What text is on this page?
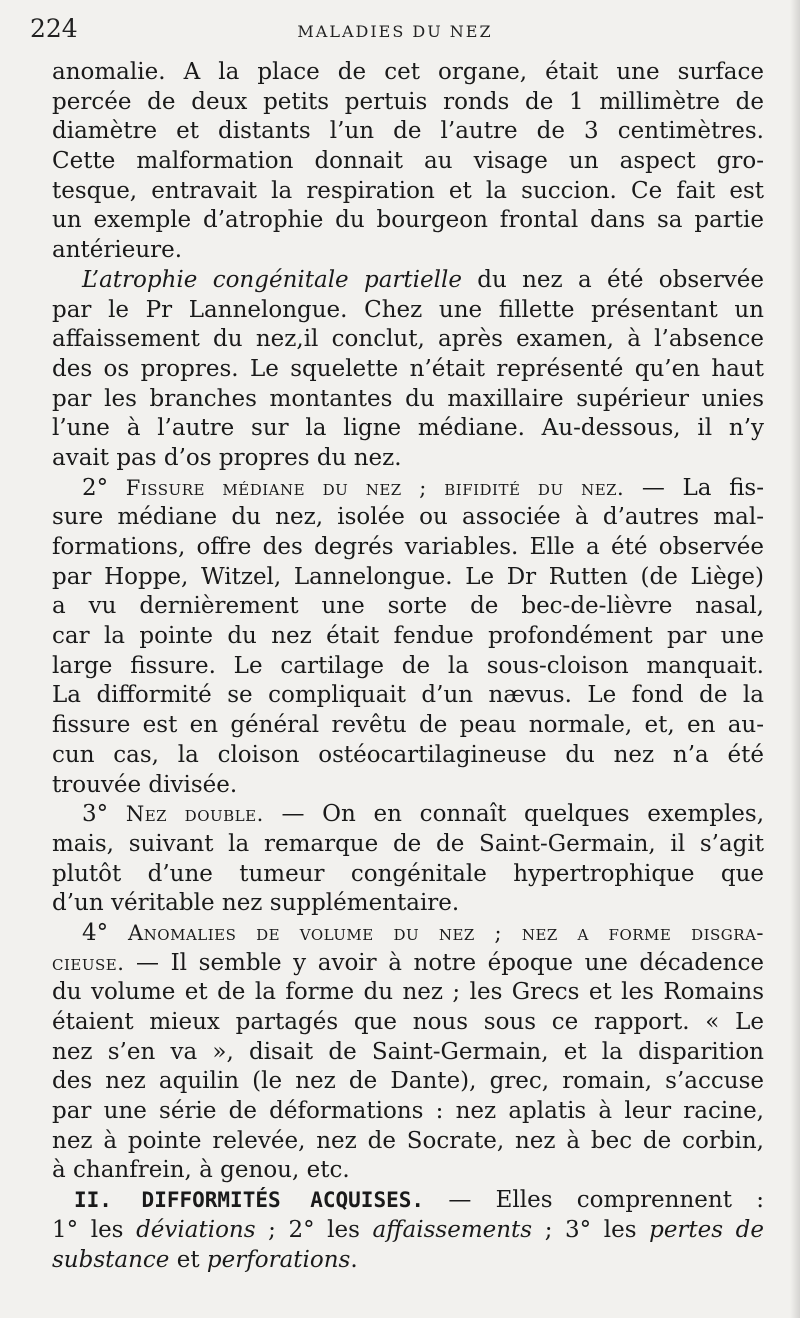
224	MALADIES DU NEZ
anomalie. A la place de cet organe, était une surface
percée de deux petits pertuis ronds de 1 millimètre de
diamètre et distants l’un de l’autre de 3 centimètres.
Cette malformation donnait au visage un aspect gro-
tesque, entravait la respiration et la succion. Ce fait est
un exemple d’atrophie du bourgeon frontal dans sa partie
antérieure.
L’atrophie congénitale partielle du nez a été observée
par le Pr Lannelongue. Chez une fillette présentant un
affaissement du nez,il conclut, après examen, à l’absence
des os propres. Le squelette n’était représenté qu’en haut
par les branches montantes du maxillaire supérieur unies
l’une à l’autre sur la ligne médiane. Au-dessous, il n’y
avait pas d’os propres du nez.
2° Fissure médiane du nez ; bifidité du nez. — La fis-
sure médiane du nez, isolée ou associée à d’autres mal-
formations, offre des degrés variables. Elle a été observée
par Hoppe, Witzel, Lannelongue. Le Dr Rutten (de Liège)
a vu dernièrement une sorte de bec-de-lièvre nasal,
car la pointe du nez était fendue profondément par une
large fissure. Le cartilage de la sous-cloison manquait.
La difformité se compliquait d’un nævus. Le fond de la
fissure est en général revêtu de peau normale, et, en au-
cun cas, la cloison ostéocartilagineuse du nez n’a été
trouvée divisée.
3° Nez double. — On en connaît quelques exemples,
mais, suivant la remarque de de Saint-Germain, il s’agit
plutôt d’une tumeur congénitale hypertrophique que
d’un véritable nez supplémentaire.
4° Anomalies de volume du nez ; nez a forme disgra-
cieuse. — Il semble y avoir à notre époque une décadence
du volume et de la forme du nez ; les Grecs et les Romains
étaient mieux partagés que nous sous ce rapport. « Le
nez s’en va », disait de Saint-Germain, et la disparition
des nez aquilin (le nez de Dante), grec, romain, s’accuse
par une série de déformations : nez aplatis à leur racine,
nez à pointe relevée, nez de Socrate, nez à bec de corbin,
à chanfrein, à genou, etc.
II. DIFFORMITÉS ACQUISES. — Elles comprennent :
1° les déviations ; 2° les affaissements ; 3° les pertes de
substance et perforations.
